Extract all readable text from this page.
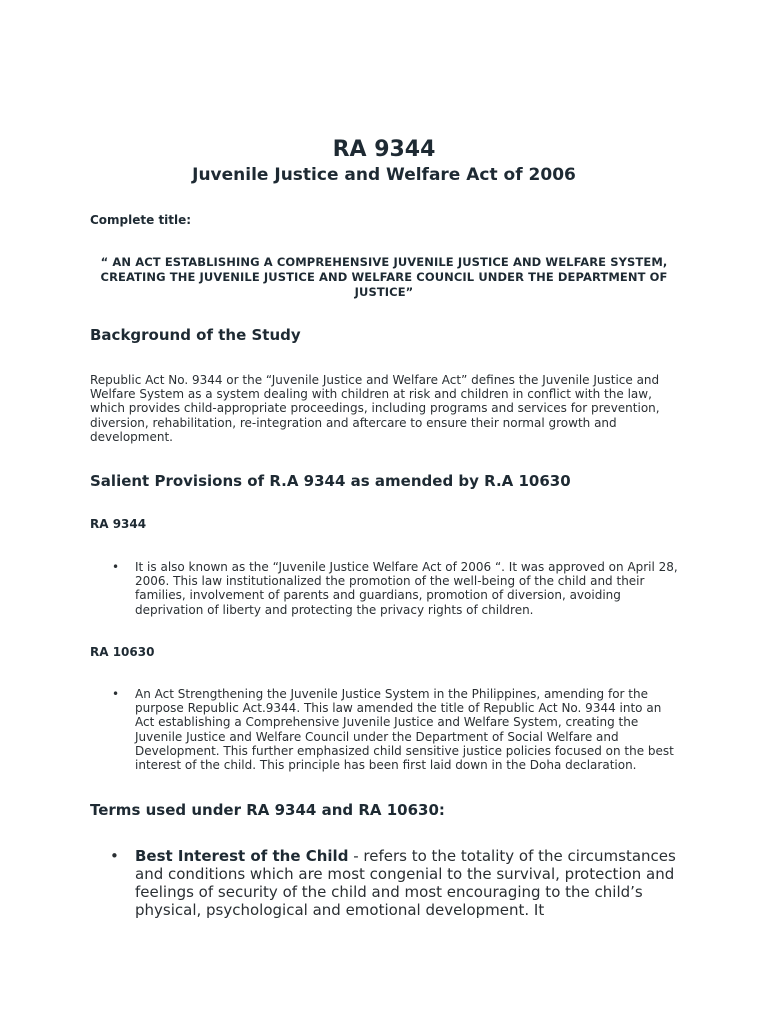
RA 9344
Juvenile Justice and Welfare Act of 2006
Complete title:
“ AN ACT ESTABLISHING A COMPREHENSIVE JUVENILE JUSTICE AND WELFARE SYSTEM, CREATING THE JUVENILE JUSTICE AND WELFARE COUNCIL UNDER THE DEPARTMENT OF JUSTICE”
Background of the Study
Republic Act No. 9344 or the “Juvenile Justice and Welfare Act” defines the Juvenile Justice and Welfare System as a system dealing with children at risk and children in conflict with the law, which provides child-appropriate proceedings, including programs and services for prevention, diversion, rehabilitation, re-integration and aftercare to ensure their normal growth and development.
Salient Provisions of R.A 9344 as amended by R.A 10630
RA 9344
• It is also known as the “Juvenile Justice Welfare Act of 2006 “. It was approved on April 28, 2006. This law institutionalized the promotion of the well-being of the child and their families, involvement of parents and guardians, promotion of diversion, avoiding deprivation of liberty and protecting the privacy rights of children.
RA 10630
• An Act Strengthening the Juvenile Justice System in the Philippines, amending for the purpose Republic Act.9344. This law amended the title of Republic Act No. 9344 into an Act establishing a Comprehensive Juvenile Justice and Welfare System, creating the Juvenile Justice and Welfare Council under the Department of Social Welfare and Development. This further emphasized child sensitive justice policies focused on the best interest of the child. This principle has been first laid down in the Doha declaration.
Terms used under RA 9344 and RA 10630:
• Best Interest of the Child - refers to the totality of the circumstances and conditions which are most congenial to the survival, protection and feelings of security of the child and most encouraging to the child’s physical, psychological and emotional development. It
